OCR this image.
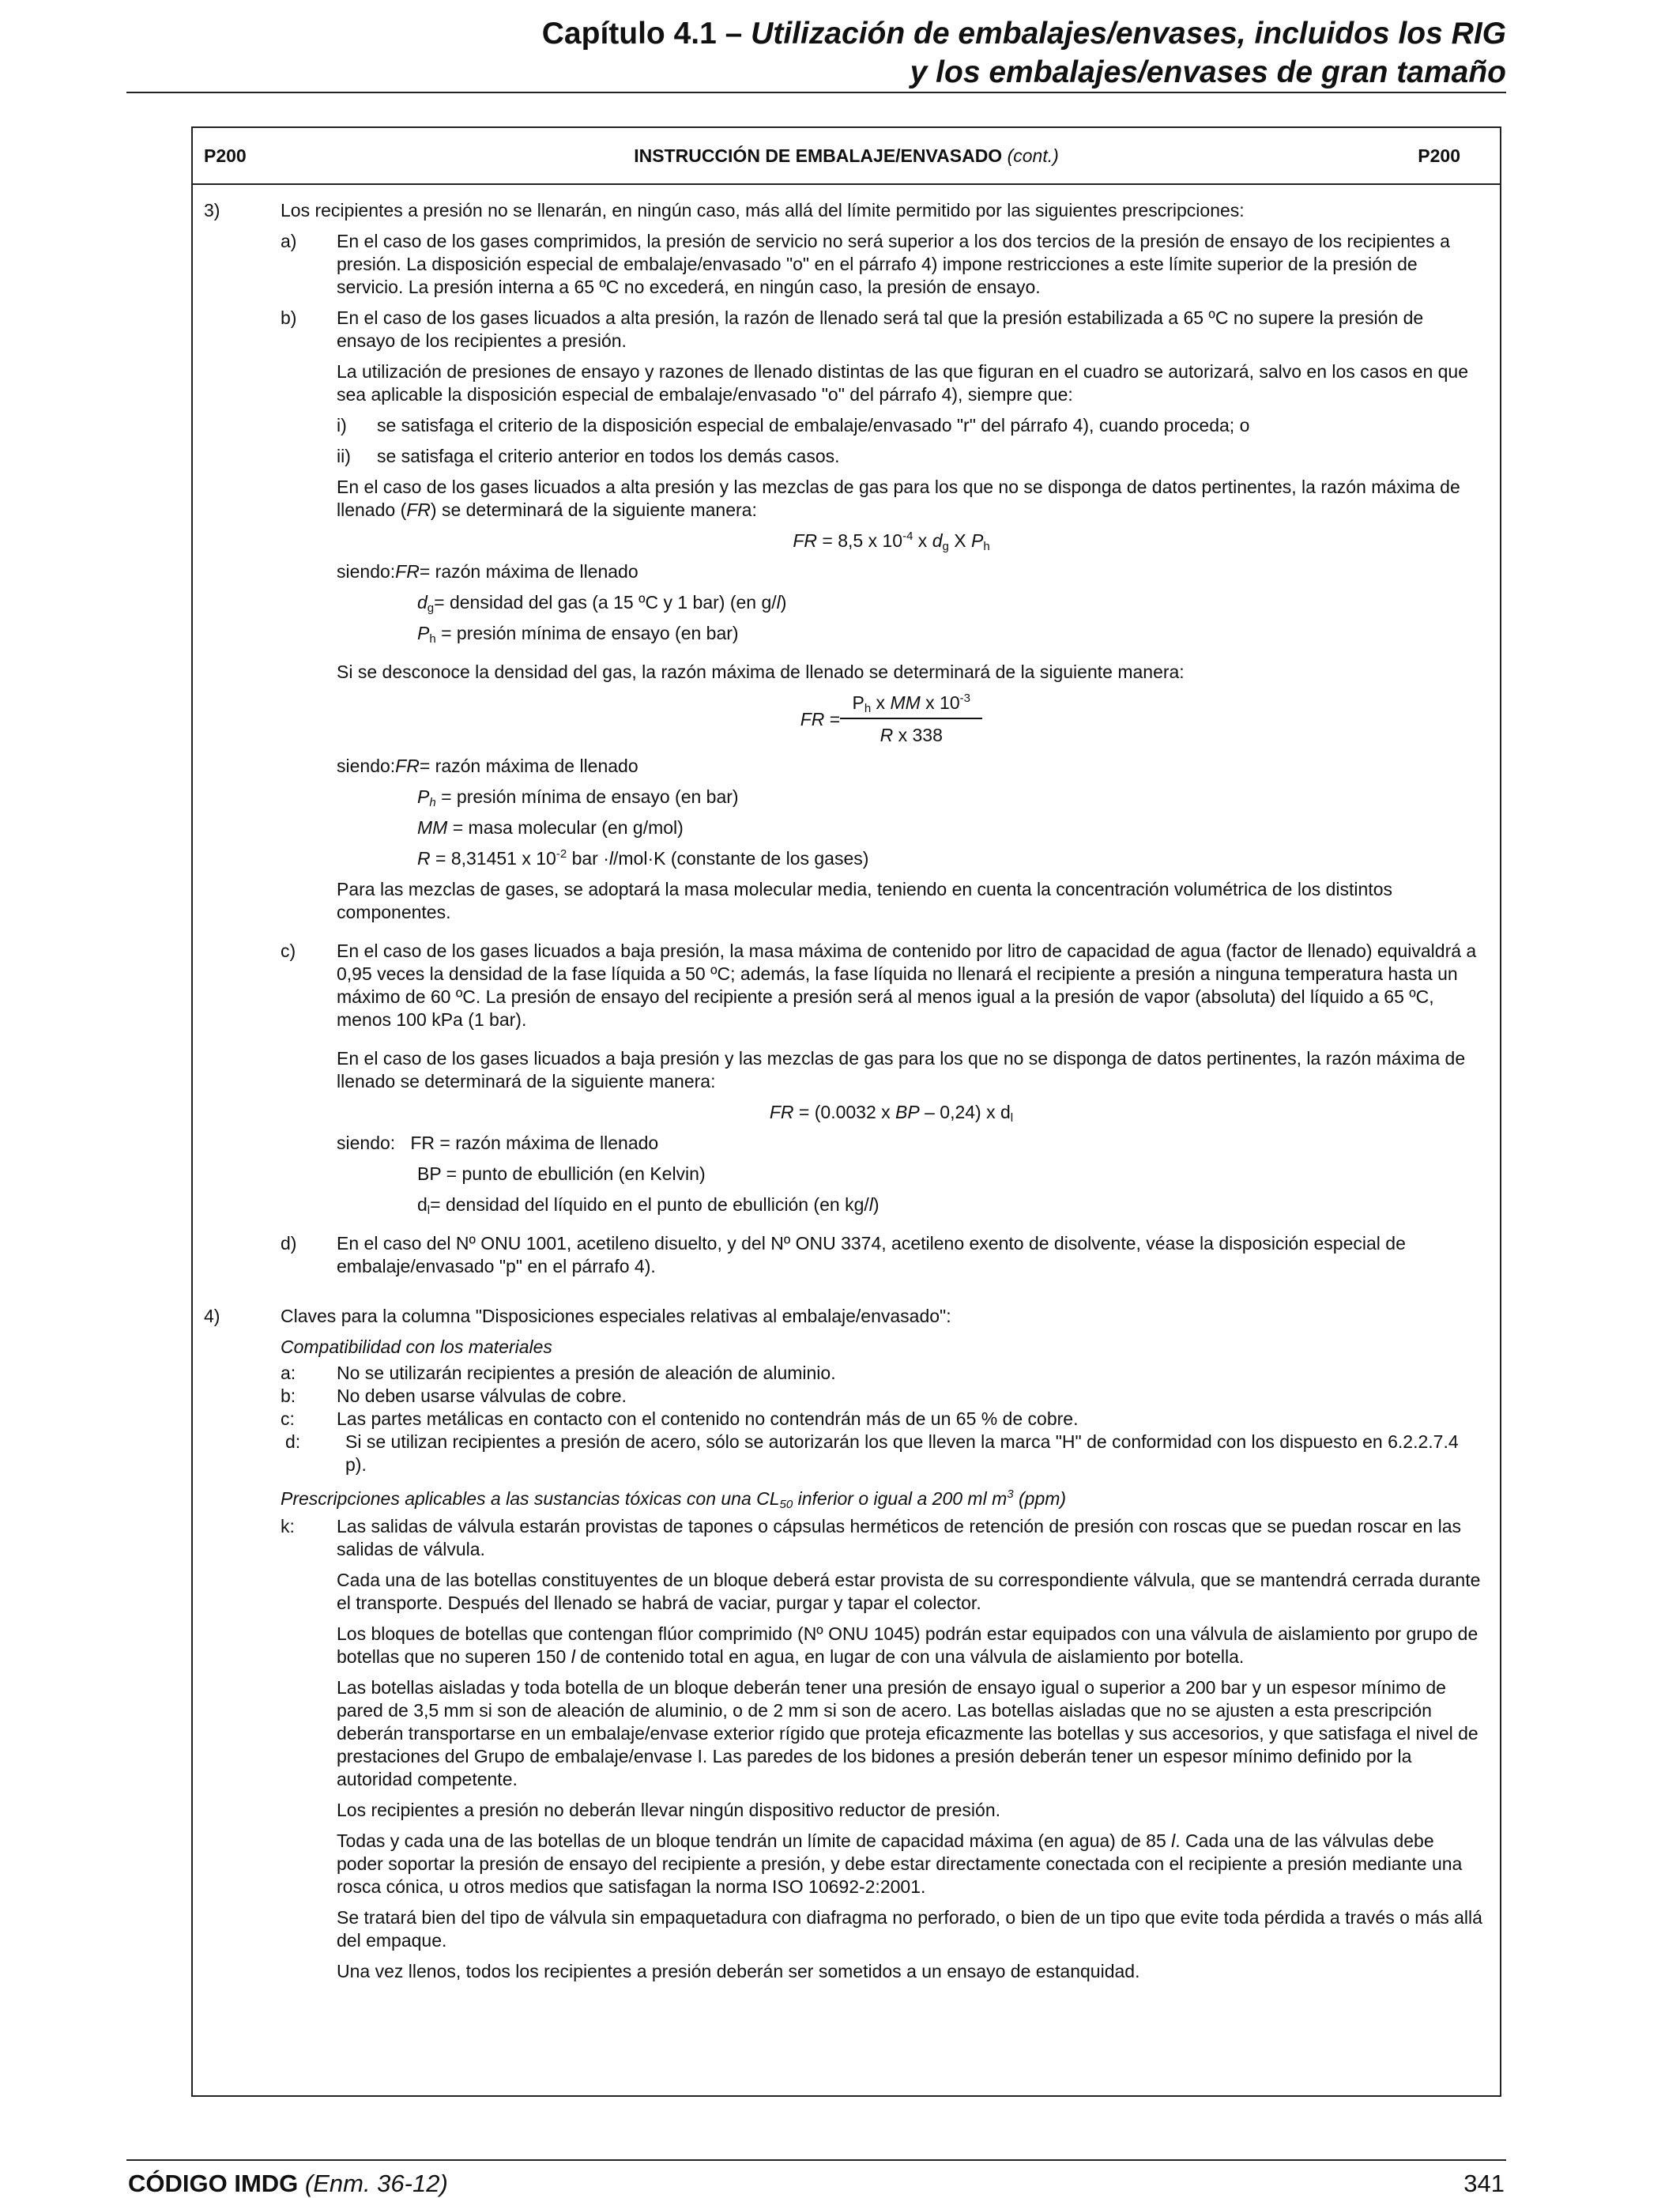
Capítulo 4.1 – Utilización de embalajes/envases, incluidos los RIG
y los embalajes/envases de gran tamaño
P200	INSTRUCCIÓN DE EMBALAJE/ENVASADO (cont.)	P200
3)	Los recipientes a presión no se llenarán, en ningún caso, más allá del límite permitido por las siguientes prescripciones:
a)	En el caso de los gases comprimidos, la presión de servicio no será superior a los dos tercios de la presión de ensayo de los recipientes a presión. La disposición especial de embalaje/envasado "o" en el párrafo 4) impone restricciones a este límite superior de la presión de servicio. La presión interna a 65 ºC no excederá, en ningún caso, la presión de ensayo.
b)	En el caso de los gases licuados a alta presión, la razón de llenado será tal que la presión estabilizada a 65 ºC no supere la presión de ensayo de los recipientes a presión.
La utilización de presiones de ensayo y razones de llenado distintas de las que figuran en el cuadro se autorizará, salvo en los casos en que sea aplicable la disposición especial de embalaje/envasado "o" del párrafo 4), siempre que:
i)	se satisfaga el criterio de la disposición especial de embalaje/envasado "r" del párrafo 4), cuando proceda; o
ii)	se satisfaga el criterio anterior en todos los demás casos.
En el caso de los gases licuados a alta presión y las mezclas de gas para los que no se disponga de datos pertinentes, la razón máxima de llenado (FR) se determinará de la siguiente manera:
FR = 8,5 x $10^{-4}$ x dg X Ph
siendo: FR = razón máxima de llenado
dg= densidad del gas (a 15 ºC y 1 bar) (en g/l)
Ph = presión mínima de ensayo (en bar)
Si se desconoce la densidad del gas, la razón máxima de llenado se determinará de la siguiente manera:
FR = $\frac{Ph x MM x 10^{-3}}{\text{R x 338}}$
siendo: FR = razón máxima de llenado
Ph = presión mínima de ensayo (en bar)
MM = masa molecular (en g/mol)
R = 8,31451 x $10^{-2}$ bar ·l/mol·K (constante de los gases)
Para las mezclas de gases, se adoptará la masa molecular media, teniendo en cuenta la concentración volumétrica de los distintos componentes.
c)	En el caso de los gases licuados a baja presión, la masa máxima de contenido por litro de capacidad de agua (factor de llenado) equivaldrá a 0,95 veces la densidad de la fase líquida a 50 ºC; además, la fase líquida no llenará el recipiente a presión a ninguna temperatura hasta un máximo de 60 ºC. La presión de ensayo del recipiente a presión será al menos igual a la presión de vapor (absoluta) del líquido a 65 ºC, menos 100 kPa (1 bar).
En el caso de los gases licuados a baja presión y las mezclas de gas para los que no se disponga de datos pertinentes, la razón máxima de llenado se determinará de la siguiente manera:
FR = (0.0032 x BP – 0,24) x dl
siendo: FR = razón máxima de llenado
BP = punto de ebullición (en Kelvin)
dl= densidad del líquido en el punto de ebullición (en kg/l)
d)	En el caso del Nº ONU 1001, acetileno disuelto, y del Nº ONU 3374, acetileno exento de disolvente, véase la disposición especial de embalaje/envasado "p" en el párrafo 4).
4)	Claves para la columna "Disposiciones especiales relativas al embalaje/envasado":
Compatibilidad con los materiales
a:	No se utilizarán recipientes a presión de aleación de aluminio.
b:	No deben usarse válvulas de cobre.
c:	Las partes metálicas en contacto con el contenido no contendrán más de un 65 % de cobre.
d:	Si se utilizan recipientes a presión de acero, sólo se autorizarán los que lleven la marca "H" de conformidad con los dispuesto en 6.2.2.7.4 p).
Prescripciones aplicables a las sustancias tóxicas con una CL50 inferior o igual a 200 ml $m^3$ (ppm)
k:	Las salidas de válvula estarán provistas de tapones o cápsulas herméticos de retención de presión con roscas que se puedan roscar en las salidas de válvula.
Cada una de las botellas constituyentes de un bloque deberá estar provista de su correspondiente válvula, que se mantendrá cerrada durante el transporte. Después del llenado se habrá de vaciar, purgar y tapar el colector.
Los bloques de botellas que contengan flúor comprimido (Nº ONU 1045) podrán estar equipados con una válvula de aislamiento por grupo de botellas que no superen 150 l de contenido total en agua, en lugar de con una válvula de aislamiento por botella.
Las botellas aisladas y toda botella de un bloque deberán tener una presión de ensayo igual o superior a 200 bar y un espesor mínimo de pared de 3,5 mm si son de aleación de aluminio, o de 2 mm si son de acero. Las botellas aisladas que no se ajusten a esta prescripción deberán transportarse en un embalaje/envase exterior rígido que proteja eficazmente las botellas y sus accesorios, y que satisfaga el nivel de prestaciones del Grupo de embalaje/envase I. Las paredes de los bidones a presión deberán tener un espesor mínimo definido por la autoridad competente.
Los recipientes a presión no deberán llevar ningún dispositivo reductor de presión.
Todas y cada una de las botellas de un bloque tendrán un límite de capacidad máxima (en agua) de 85 l. Cada una de las válvulas debe poder soportar la presión de ensayo del recipiente a presión, y debe estar directamente conectada con el recipiente a presión mediante una rosca cónica, u otros medios que satisfagan la norma ISO 10692-2:2001.
Se tratará bien del tipo de válvula sin empaquetadura con diafragma no perforado, o bien de un tipo que evite toda pérdida a través o más allá del empaque.
Una vez llenos, todos los recipientes a presión deberán ser sometidos a un ensayo de estanquidad.
CÓDIGO IMDG (Enm. 36-12)	341
